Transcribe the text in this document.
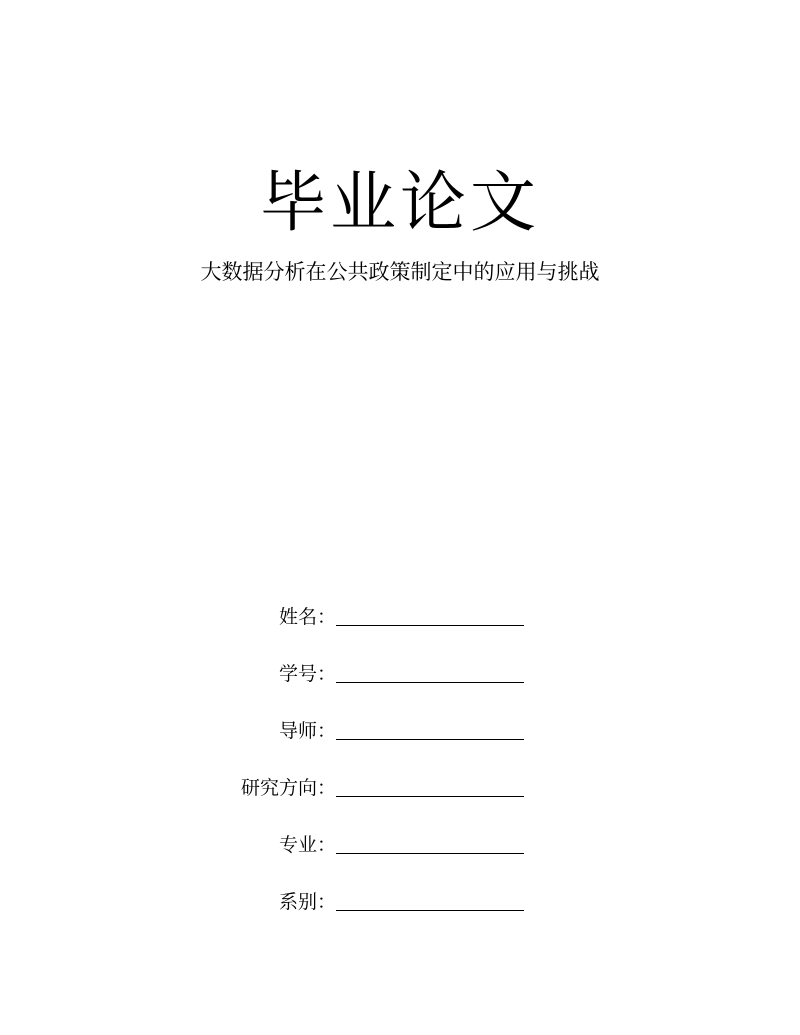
毕业论文
大数据分析在公共政策制定中的应用与挑战
姓名：
学号：
导师：
研究方向：
专业：
系别：
